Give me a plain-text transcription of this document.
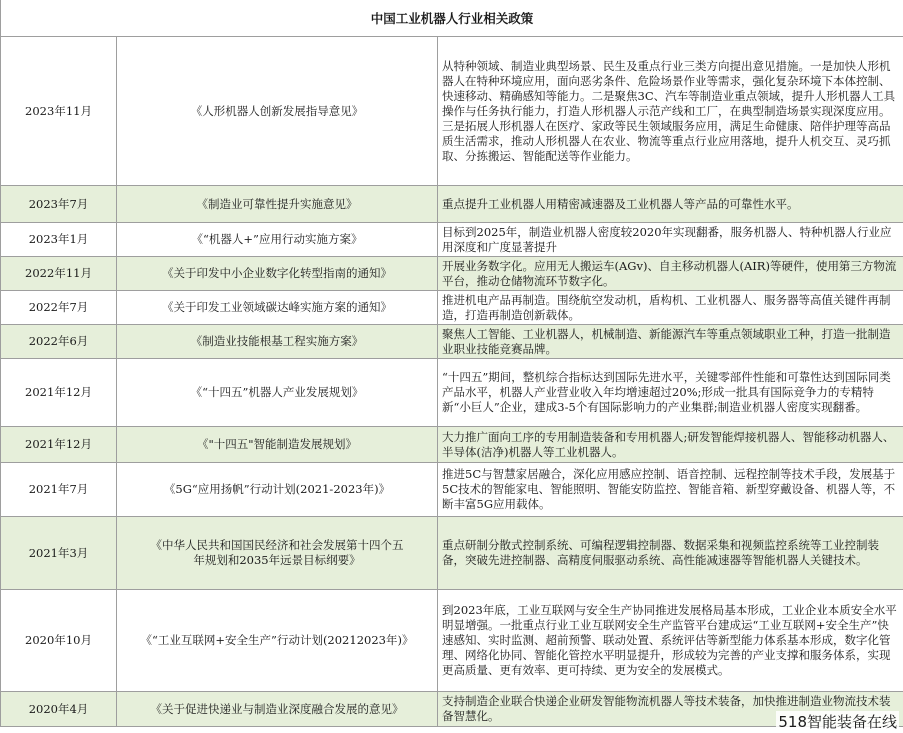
中国工业机器人行业相关政策		
2023年11月	《人形机器人创新发展指导意见》	从特种领域、制造业典型场景、民生及重点行业三类方向提出意见措施。一是加快人形机器人在特种环境应用，面向恶劣条件、危险场景作业等需求，强化复杂环境下本体控制、快速移动、精确感知等能力。二是聚焦3C、汽车等制造业重点领域，提升人形机器人工具操作与任务执行能力，打造人形机器人示范产线和工厂，在典型制造场景实现深度应用。三是拓展人形机器人在医疗、家政等民生领域服务应用，满足生命健康、陪伴护理等高品质生活需求，推动人形机器人在农业、物流等重点行业应用落地，提升人机交互、灵巧抓取、分拣搬运、智能配送等作业能力。
2023年7月	《制造业可靠性提升实施意见》	重点提升工业机器人用精密减速器及工业机器人等产品的可靠性水平。
2023年1月	《“机器人+”应用行动实施方案》	目标到2025年，制造业机器人密度较2020年实现翻番，服务机器人、特种机器人行业应用深度和广度显著提升
2022年11月	《关于印发中小企业数字化转型指南的通知》	开展业务数字化。应用无人搬运车(AGv)、自主移动机器人(AIR)等硬件，使用第三方物流平台，推动仓储物流环节数字化。
2022年7月	《关于印发工业领域碳达峰实施方案的通知》	推进机电产品再制造。围绕航空发动机，盾构机、工业机器人、服务器等高值关键件再制造，打造再制造创新载体。
2022年6月	《制造业技能根基工程实施方案》	聚焦人工智能、工业机器人，机械制造、新能源汽车等重点领域职业工种，打造一批制造业职业技能竞赛品牌。
2021年12月	《“十四五”机器人产业发展规划》	“十四五”期间，整机综合指标达到国际先进水平，关键零部件性能和可靠性达到国际同类产品水平，机器人产业营业收入年均增速超过20%;形成一批具有国际竞争力的专精特新“小巨人”企业，建成3-5个有国际影响力的产业集群;制造业机器人密度实现翻番。
2021年12月	《"十四五"智能制造发展规划》	大力推广面向工序的专用制造装备和专用机器人;研发智能焊接机器人、智能移动机器人、半导体(洁净)机器人等工业机器人。
2021年7月	《5G“应用扬帆”行动计划(2021-2023年)》	推进5C与智慧家居融合，深化应用感应控制、语音控制、远程控制等技术手段，发展基于5C技术的智能家电、智能照明、智能安防监控、智能音箱、新型穿戴设备、机器人等，不断丰富5G应用载体。
2021年3月	《中华人民共和国国民经济和社会发展第十四个五年规划和2035年远景目标纲要》	重点研制分散式控制系统、可编程逻辑控制器、数据采集和视频监控系统等工业控制装备，突破先进控制器、高精度伺服驱动系统、高性能减速器等智能机器人关键技术。
2020年10月	《“工业互联网+安全生产”行动计划(20212023年)》	到2023年底，工业互联网与安全生产协同推进发展格局基本形成，工业企业本质安全水平明显增强。一批重点行业工业互联网安全生产监管平台建成运“工业互联网+安全生产”快速感知、实时监测、超前预警、联动处置、系统评估等新型能力体系基本形成，数字化管理、网络化协同、智能化管控水平明显提升，形成较为完善的产业支撑和服务体系，实现更高质量、更有效率、更可持续、更为安全的发展模式。
2020年4月	《关于促进快递业与制造业深度融合发展的意见》	支持制造企业联合快递企业研发智能物流机器人等技术装备，加快推进制造业物流技术装备智慧化。	518智能装备在线
